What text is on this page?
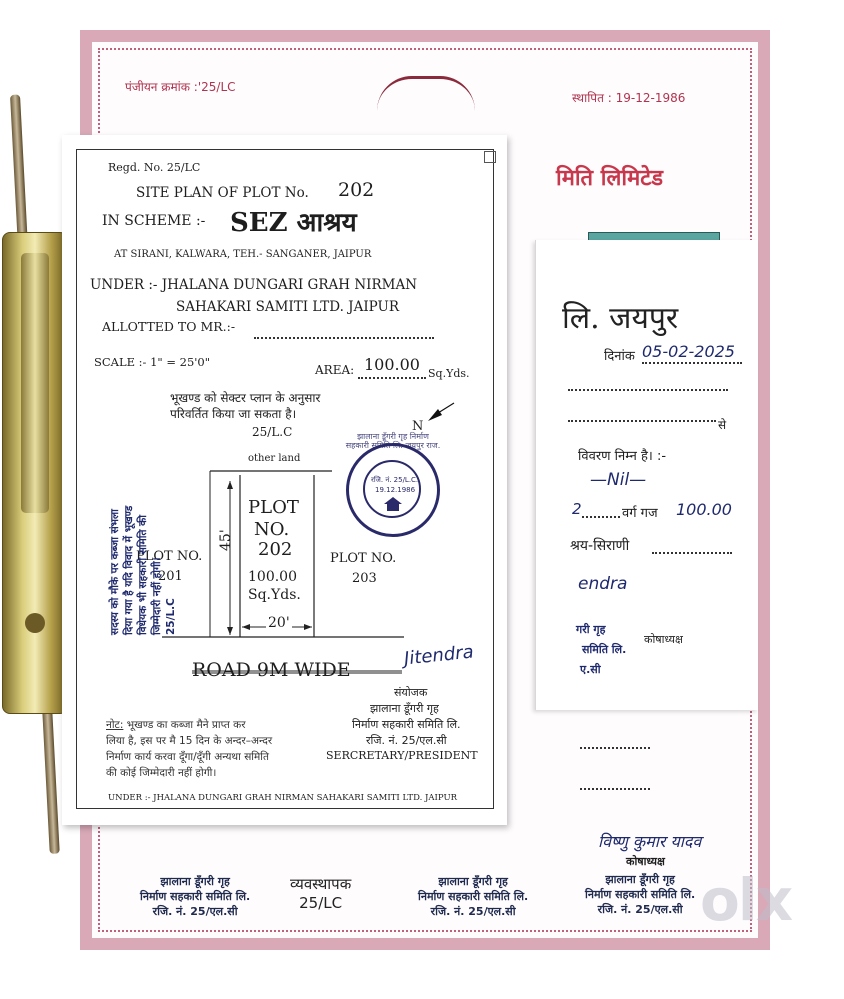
पंजीयन क्रमांक :'25/LC
स्थापित : 19-12-1986
मिति लिमिटेड
लि. जयपुर
दिनांक 05-02-2025
से
विवरण निम्न है। :-
—Nil—
2	वर्ग गज 100.00
श्रय-सिराणी
endra
गरी गृह
समिति लि.
ए.सी
कोषाध्यक्ष
विष्णु कुमार यादव
कोषाध्यक्ष
झालाना डूँगरी गृह
निर्माण सहकारी समिति लि.
रजि. नं. 25/एल.सी
व्यवस्थापक
25/LC
झालाना डूँगरी गृह
निर्माण सहकारी समिति लि.
रजि. नं. 25/एल.सी
झालाना डूँगरी गृह
निर्माण सहकारी समिति लि.
रजि. नं. 25/एल.सी olx
Regd. No. 25/LC
SITE PLAN OF PLOT No. 202
IN SCHEME :- SEZ आश्रय
AT SIRANI, KALWARA, TEH.- SANGANER, JAIPUR
UNDER :- JHALANA DUNGARI GRAH NIRMAN
SAHAKARI SAMITI LTD. JAIPUR
ALLOTTED TO MR.:-
SCALE :- 1" = 25'0"
AREA: 100.00 Sq.Yds.
भूखण्ड को सेक्टर प्लान के अनुसार
परिवर्तित किया जा सकता है।
25/L.C	N
other land
PLOT
NO.
202
100.00
Sq.Yds.
45'
20'
PLOT NO.
201
PLOT NO.
203
सदस्य को मौके पर कब्जा संभला दिया गया है यदि विवाद में भूखण्ड विधेयक भी सहकारी समिति की जिम्मेदारी नहीं होगी। 25/L.C
झालाना डूँगरी गृह निर्माण सहकारी समिति लि. जयपुर राज.
रजि. नं. 25/L.C.
19.12.1986
ROAD 9M WIDE
Jitendra
संयोजक
झालाना डूँगरी गृह
निर्माण सहकारी समिति लि.
रजि. नं. 25/एल.सी
SERCRETARY/PRESIDENT
नोट: भूखण्ड का कब्जा मैने प्राप्त कर
लिया है, इस पर मै 15 दिन के अन्दर–अन्दर
निर्माण कार्य करवा दूँगा/दूँगी अन्यथा समिति
की कोई जिम्मेदारी नहीं होगी।
UNDER :- JHALANA DUNGARI GRAH NIRMAN SAHAKARI SAMITI LTD. JAIPUR
